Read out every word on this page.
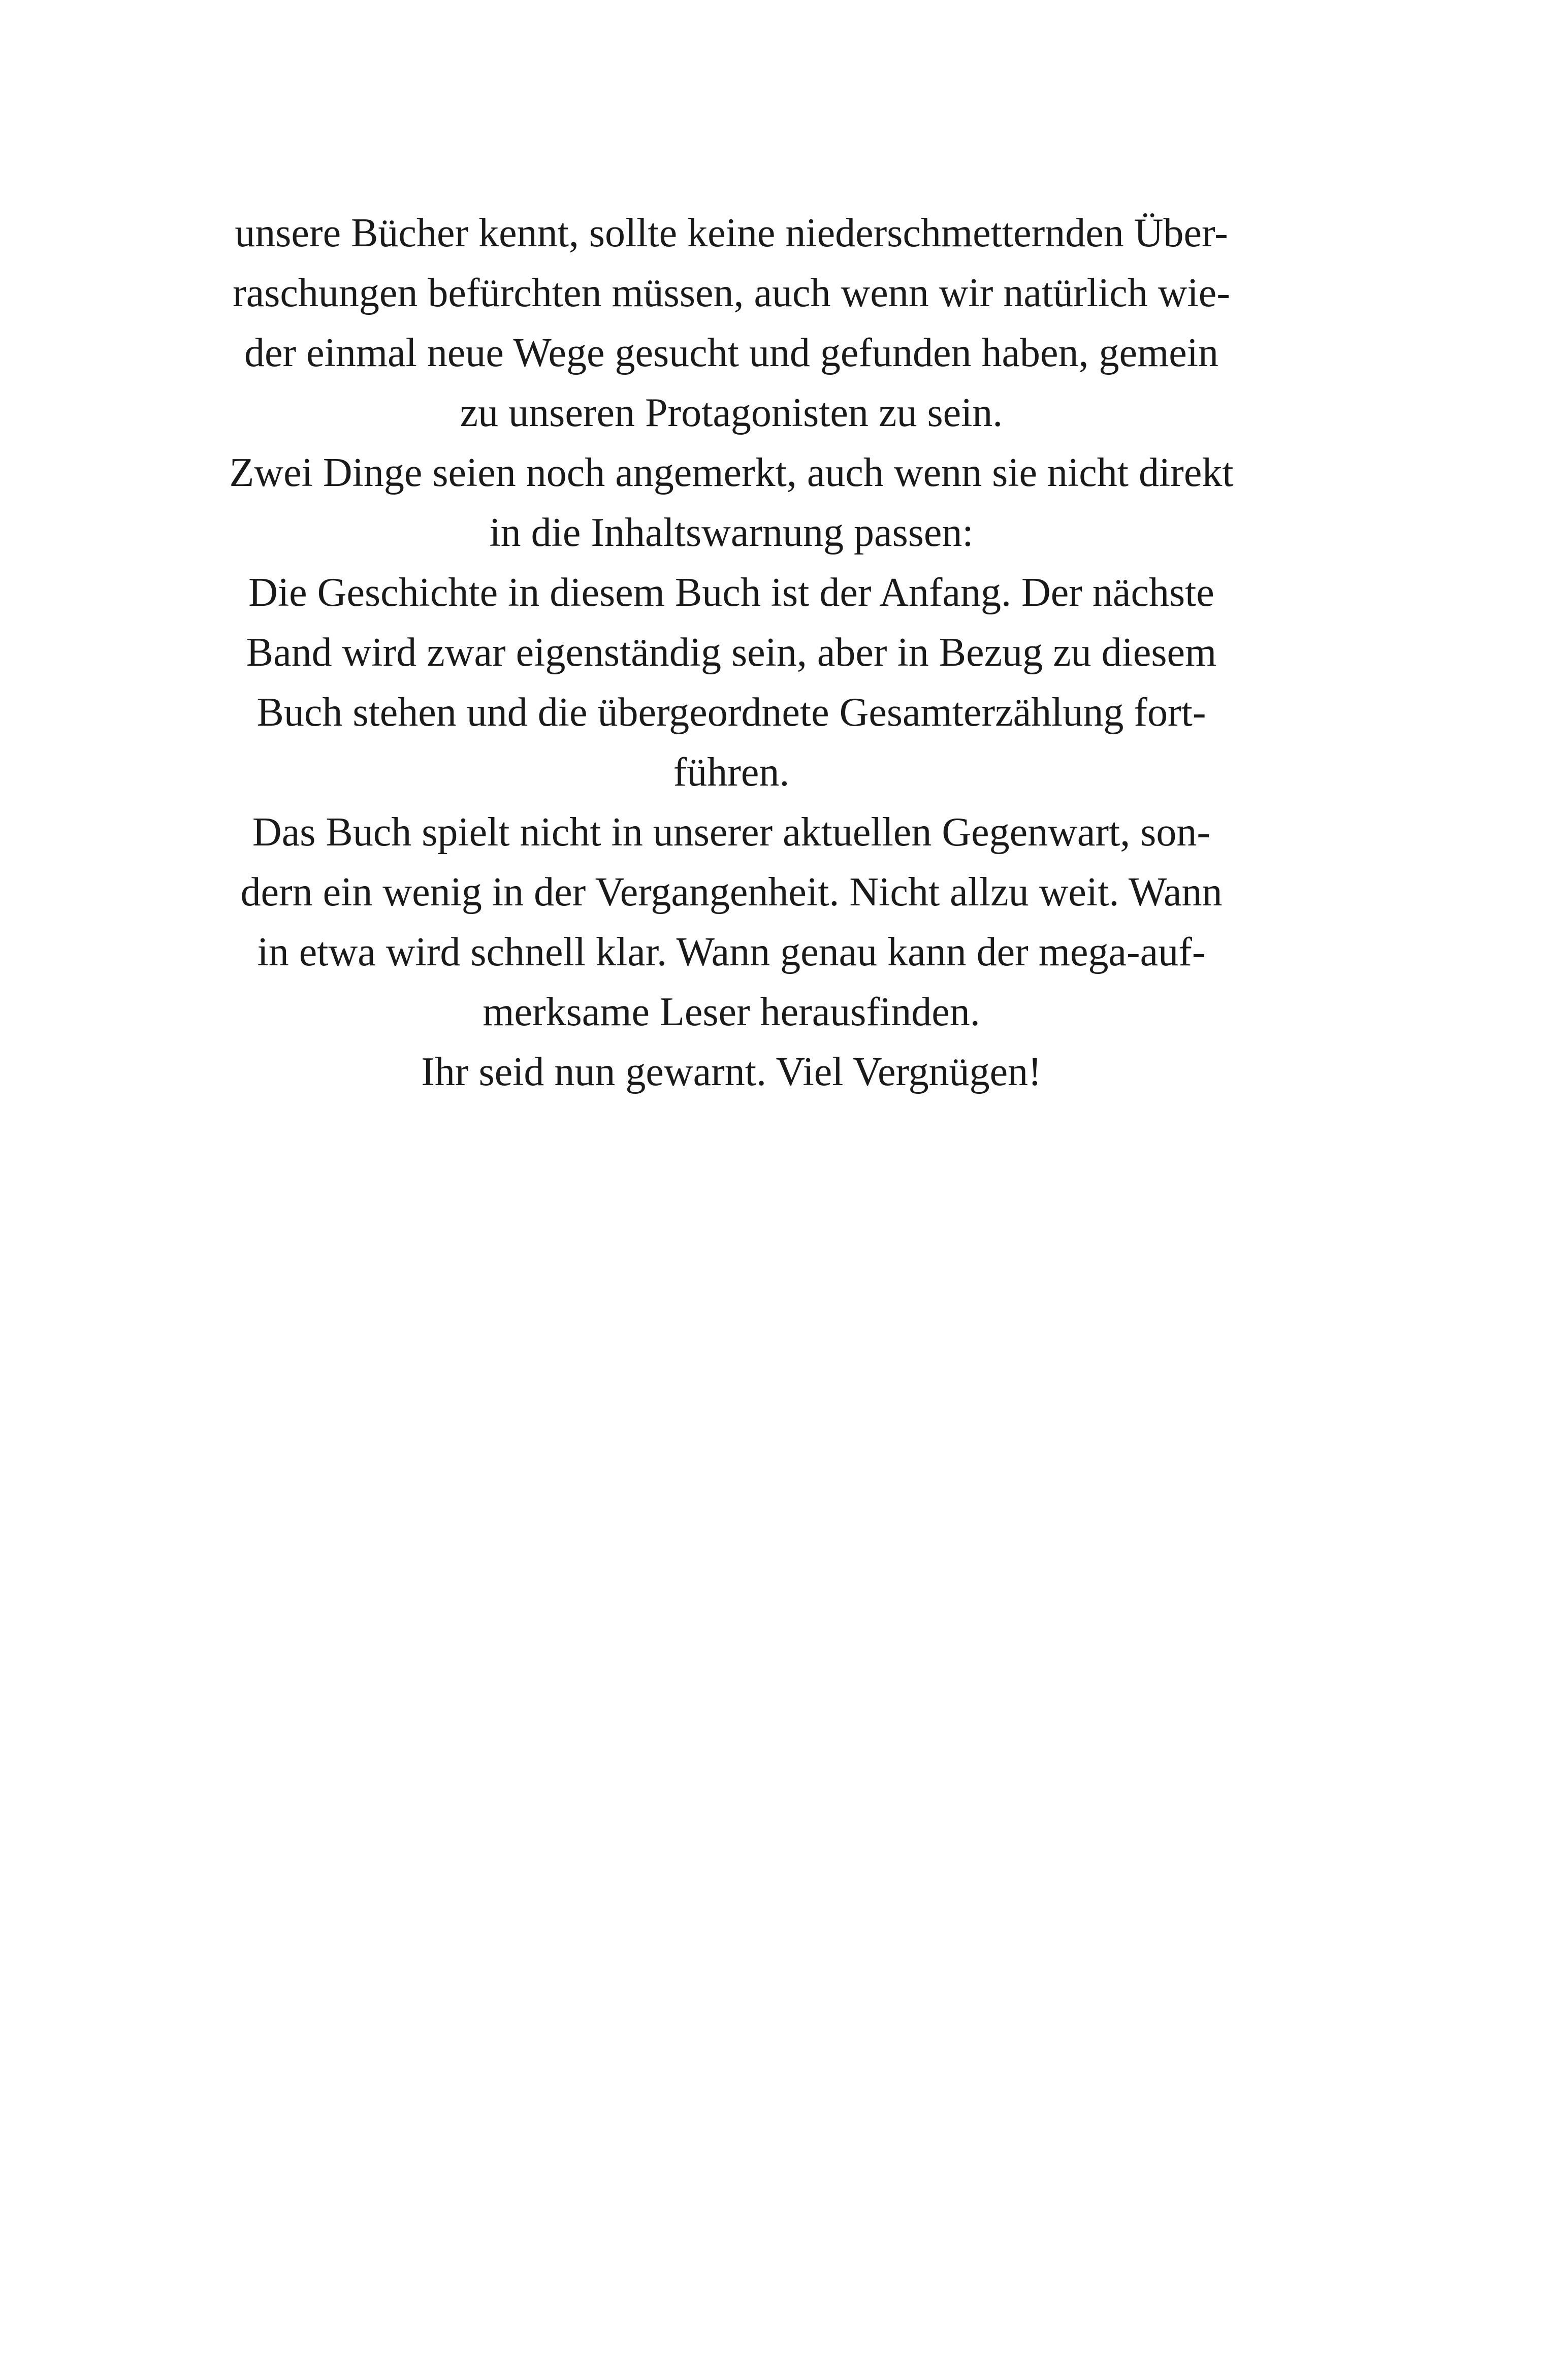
unsere Bücher kennt, sollte keine niederschmetternden Über-
raschungen befürchten müssen, auch wenn wir natürlich wie-
der einmal neue Wege gesucht und gefunden haben, gemein
zu unseren Protagonisten zu sein.
Zwei Dinge seien noch angemerkt, auch wenn sie nicht direkt
in die Inhaltswarnung passen:
Die Geschichte in diesem Buch ist der Anfang. Der nächste
Band wird zwar eigenständig sein, aber in Bezug zu diesem
Buch stehen und die übergeordnete Gesamterzählung fort-
führen.
Das Buch spielt nicht in unserer aktuellen Gegenwart, son-
dern ein wenig in der Vergangenheit. Nicht allzu weit. Wann
in etwa wird schnell klar. Wann genau kann der mega-auf-
merksame Leser herausfinden.
Ihr seid nun gewarnt. Viel Vergnügen!
